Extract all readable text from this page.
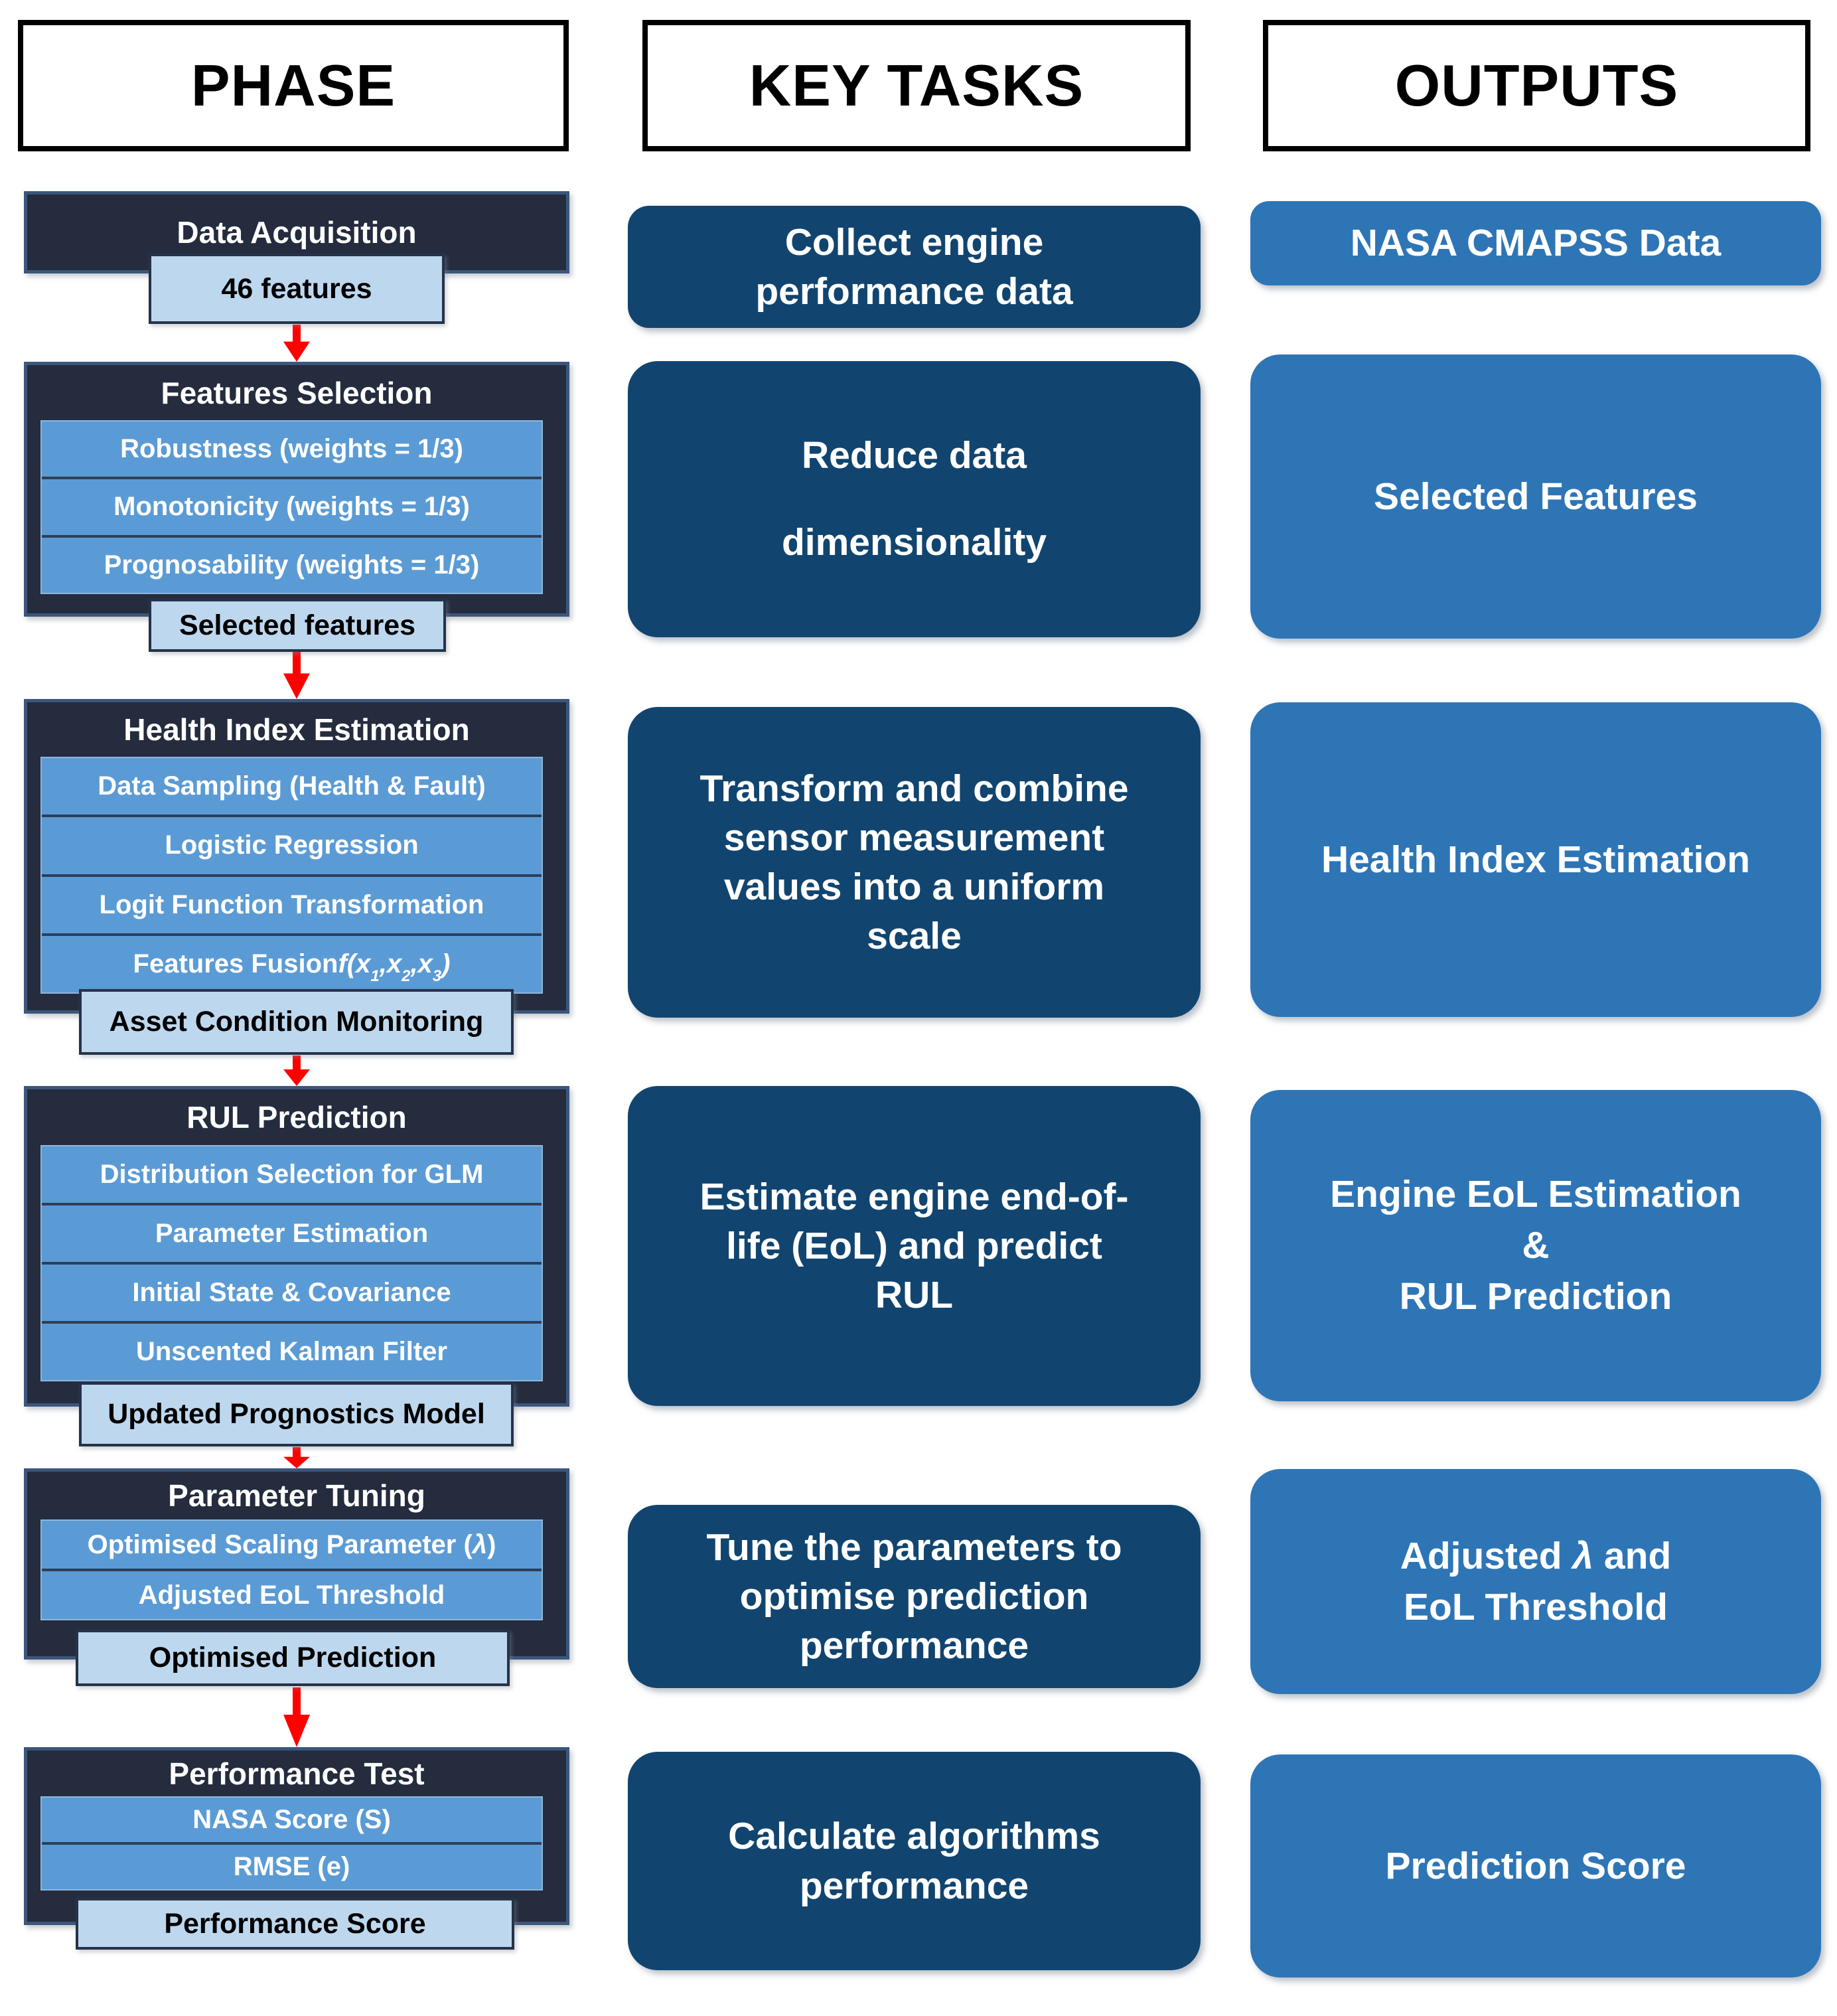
PHASE	KEY TASKS	OUTPUTS
Data Acquisition
46 features
Features Selection
Robustness (weights = 1/3)
Monotonicity (weights = 1/3)
Prognosability (weights = 1/3)
Selected features
Health Index Estimation
Data Sampling (Health & Fault)
Logistic Regression
Logit Function Transformation
Features Fusion $f(x_1,x_2,x_3)$
Asset Condition Monitoring
RUL Prediction
Distribution Selection for GLM
Parameter Estimation
Initial State & Covariance
Unscented Kalman Filter
Updated Prognostics Model
Parameter Tuning
Optimised Scaling Parameter ( λ )
Adjusted EoL Threshold
Optimised Prediction
Performance Test
NASA Score (S)
RMSE (e)
Performance Score
Collect engine
performance data
Reduce data
dimensionality
Transform and combine
sensor measurement
values into a uniform
scale
Estimate engine end-of-
life (EoL) and predict
RUL
Tune the parameters to
optimise prediction
performance
Calculate algorithms
performance
NASA CMAPSS Data
Selected Features
Health Index Estimation
Engine EoL Estimation
&
RUL Prediction
Adjusted λ and
EoL Threshold
Prediction Score
